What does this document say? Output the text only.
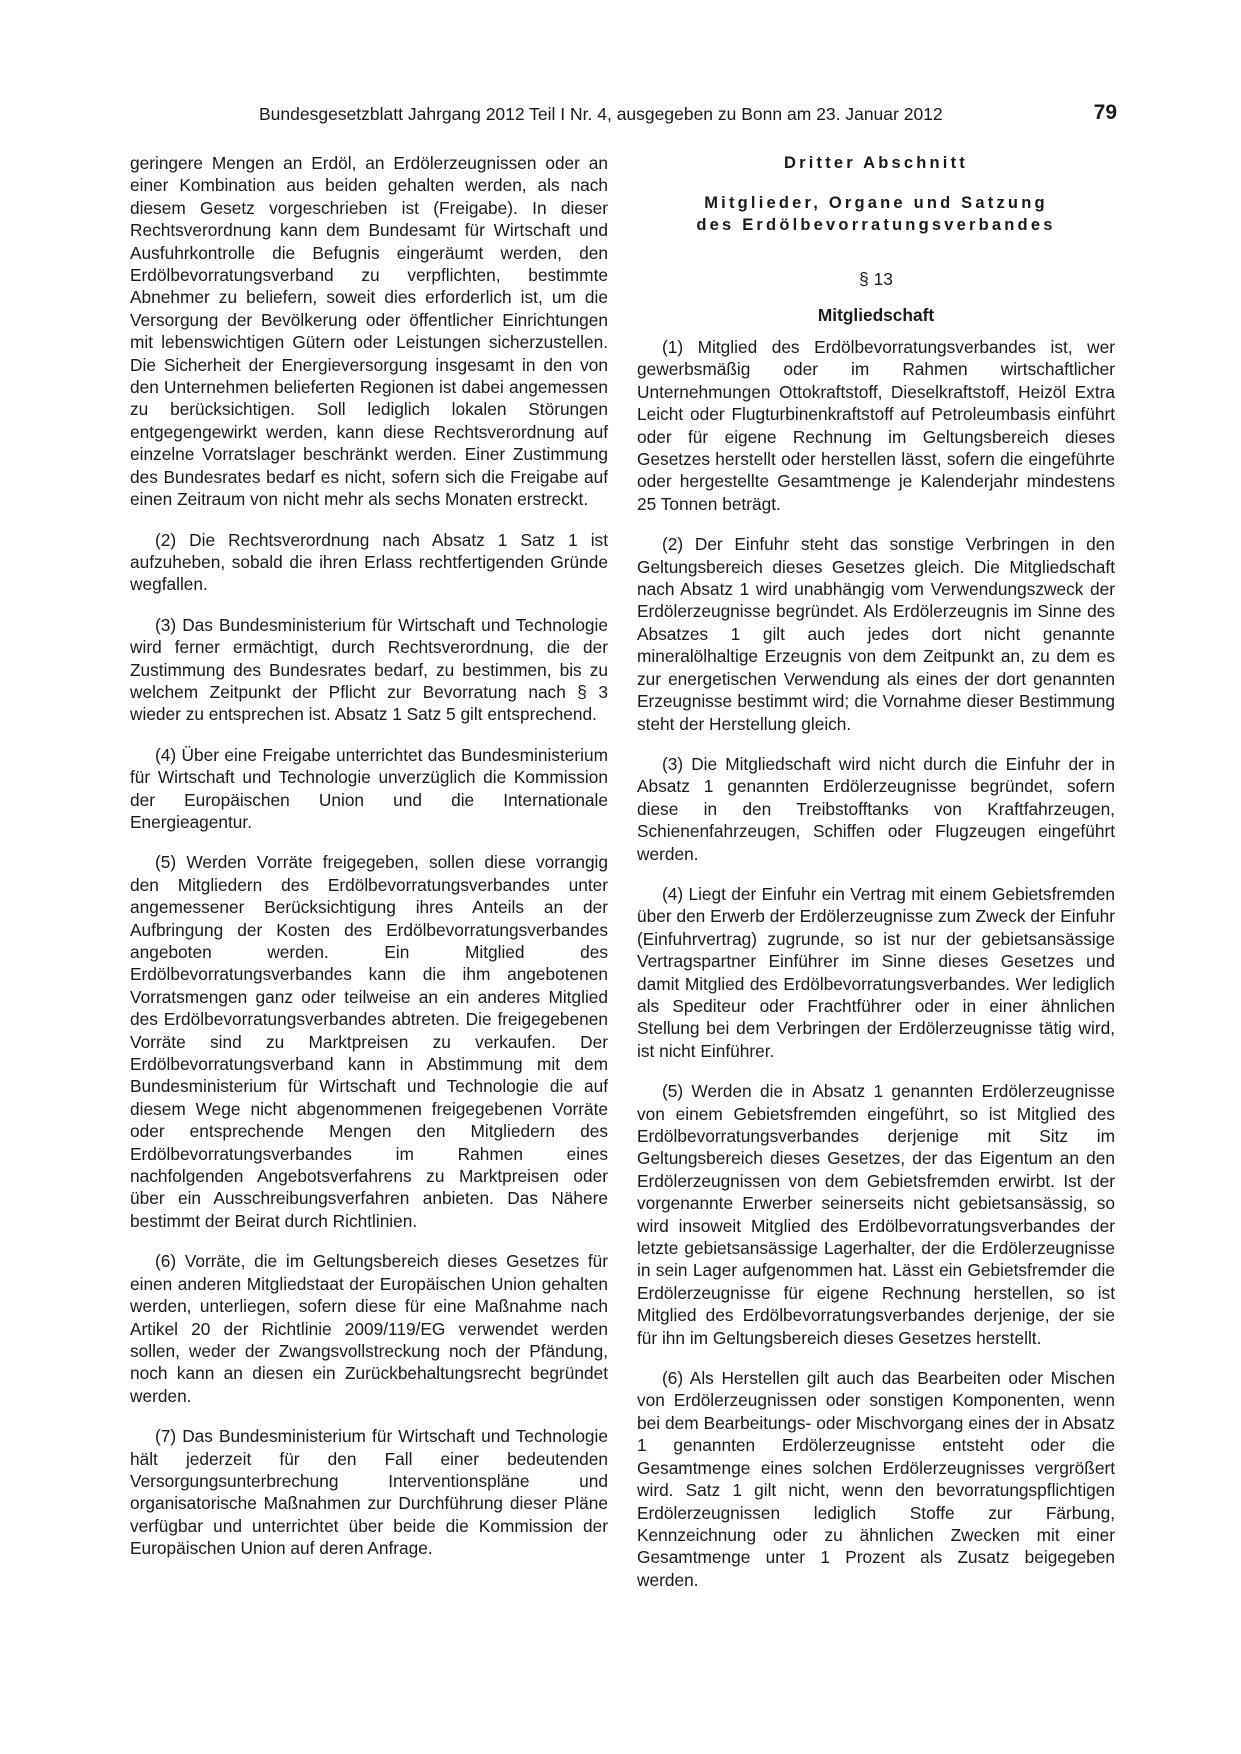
Bundesgesetzblatt Jahrgang 2012 Teil I Nr. 4, ausgegeben zu Bonn am 23. Januar 2012	79

geringere Mengen an Erdöl, an Erdölerzeugnissen oder an einer Kombination aus beiden gehalten werden, als nach diesem Gesetz vorgeschrieben ist (Freigabe). In dieser Rechtsverordnung kann dem Bundesamt für Wirtschaft und Ausfuhrkontrolle die Befugnis eingeräumt werden, den Erdölbevorratungsverband zu verpflichten, bestimmte Abnehmer zu beliefern, soweit dies erforderlich ist, um die Versorgung der Bevölkerung oder öffentlicher Einrichtungen mit lebenswichtigen Gütern oder Leistungen sicherzustellen. Die Sicherheit der Energieversorgung insgesamt in den von den Unternehmen belieferten Regionen ist dabei angemessen zu berücksichtigen. Soll lediglich lokalen Störungen entgegengewirkt werden, kann diese Rechtsverordnung auf einzelne Vorratslager beschränkt werden. Einer Zustimmung des Bundesrates bedarf es nicht, sofern sich die Freigabe auf einen Zeitraum von nicht mehr als sechs Monaten erstreckt.

(2) Die Rechtsverordnung nach Absatz 1 Satz 1 ist aufzuheben, sobald die ihren Erlass rechtfertigenden Gründe wegfallen.

(3) Das Bundesministerium für Wirtschaft und Technologie wird ferner ermächtigt, durch Rechtsverordnung, die der Zustimmung des Bundesrates bedarf, zu bestimmen, bis zu welchem Zeitpunkt der Pflicht zur Bevorratung nach § 3 wieder zu entsprechen ist. Absatz 1 Satz 5 gilt entsprechend.

(4) Über eine Freigabe unterrichtet das Bundesministerium für Wirtschaft und Technologie unverzüglich die Kommission der Europäischen Union und die Internationale Energieagentur.

(5) Werden Vorräte freigegeben, sollen diese vorrangig den Mitgliedern des Erdölbevorratungsverbandes unter angemessener Berücksichtigung ihres Anteils an der Aufbringung der Kosten des Erdölbevorratungsverbandes angeboten werden. Ein Mitglied des Erdölbevorratungsverbandes kann die ihm angebotenen Vorratsmengen ganz oder teilweise an ein anderes Mitglied des Erdölbevorratungsverbandes abtreten. Die freigegebenen Vorräte sind zu Marktpreisen zu verkaufen. Der Erdölbevorratungsverband kann in Abstimmung mit dem Bundesministerium für Wirtschaft und Technologie die auf diesem Wege nicht abgenommenen freigegebenen Vorräte oder entsprechende Mengen den Mitgliedern des Erdölbevorratungsverbandes im Rahmen eines nachfolgenden Angebotsverfahrens zu Marktpreisen oder über ein Ausschreibungsverfahren anbieten. Das Nähere bestimmt der Beirat durch Richtlinien.

(6) Vorräte, die im Geltungsbereich dieses Gesetzes für einen anderen Mitgliedstaat der Europäischen Union gehalten werden, unterliegen, sofern diese für eine Maßnahme nach Artikel 20 der Richtlinie 2009/119/EG verwendet werden sollen, weder der Zwangsvollstreckung noch der Pfändung, noch kann an diesen ein Zurückbehaltungsrecht begründet werden.

(7) Das Bundesministerium für Wirtschaft und Technologie hält jederzeit für den Fall einer bedeutenden Versorgungsunterbrechung Interventionspläne und organisatorische Maßnahmen zur Durchführung dieser Pläne verfügbar und unterrichtet über beide die Kommission der Europäischen Union auf deren Anfrage.

Dritter Abschnitt
Mitglieder, Organe und Satzung
des Erdölbevorratungsverbandes
§ 13
Mitgliedschaft

(1) Mitglied des Erdölbevorratungsverbandes ist, wer gewerbsmäßig oder im Rahmen wirtschaftlicher Unternehmungen Ottokraftstoff, Dieselkraftstoff, Heizöl Extra Leicht oder Flugturbinenkraftstoff auf Petroleumbasis einführt oder für eigene Rechnung im Geltungsbereich dieses Gesetzes herstellt oder herstellen lässt, sofern die eingeführte oder hergestellte Gesamtmenge je Kalenderjahr mindestens 25 Tonnen beträgt.

(2) Der Einfuhr steht das sonstige Verbringen in den Geltungsbereich dieses Gesetzes gleich. Die Mitgliedschaft nach Absatz 1 wird unabhängig vom Verwendungszweck der Erdölerzeugnisse begründet. Als Erdölerzeugnis im Sinne des Absatzes 1 gilt auch jedes dort nicht genannte mineralölhaltige Erzeugnis von dem Zeitpunkt an, zu dem es zur energetischen Verwendung als eines der dort genannten Erzeugnisse bestimmt wird; die Vornahme dieser Bestimmung steht der Herstellung gleich.

(3) Die Mitgliedschaft wird nicht durch die Einfuhr der in Absatz 1 genannten Erdölerzeugnisse begründet, sofern diese in den Treibstofftanks von Kraftfahrzeugen, Schienenfahrzeugen, Schiffen oder Flugzeugen eingeführt werden.

(4) Liegt der Einfuhr ein Vertrag mit einem Gebietsfremden über den Erwerb der Erdölerzeugnisse zum Zweck der Einfuhr (Einfuhrvertrag) zugrunde, so ist nur der gebietsansässige Vertragspartner Einführer im Sinne dieses Gesetzes und damit Mitglied des Erdölbevorratungsverbandes. Wer lediglich als Spediteur oder Frachtführer oder in einer ähnlichen Stellung bei dem Verbringen der Erdölerzeugnisse tätig wird, ist nicht Einführer.

(5) Werden die in Absatz 1 genannten Erdölerzeugnisse von einem Gebietsfremden eingeführt, so ist Mitglied des Erdölbevorratungsverbandes derjenige mit Sitz im Geltungsbereich dieses Gesetzes, der das Eigentum an den Erdölerzeugnissen von dem Gebietsfremden erwirbt. Ist der vorgenannte Erwerber seinerseits nicht gebietsansässig, so wird insoweit Mitglied des Erdölbevorratungsverbandes der letzte gebietsansässige Lagerhalter, der die Erdölerzeugnisse in sein Lager aufgenommen hat. Lässt ein Gebietsfremder die Erdölerzeugnisse für eigene Rechnung herstellen, so ist Mitglied des Erdölbevorratungsverbandes derjenige, der sie für ihn im Geltungsbereich dieses Gesetzes herstellt.

(6) Als Herstellen gilt auch das Bearbeiten oder Mischen von Erdölerzeugnissen oder sonstigen Komponenten, wenn bei dem Bearbeitungs- oder Mischvorgang eines der in Absatz 1 genannten Erdölerzeugnisse entsteht oder die Gesamtmenge eines solchen Erdölerzeugnisses vergrößert wird. Satz 1 gilt nicht, wenn den bevorratungspflichtigen Erdölerzeugnissen lediglich Stoffe zur Färbung, Kennzeichnung oder zu ähnlichen Zwecken mit einer Gesamtmenge unter 1 Prozent als Zusatz beigegeben werden.
